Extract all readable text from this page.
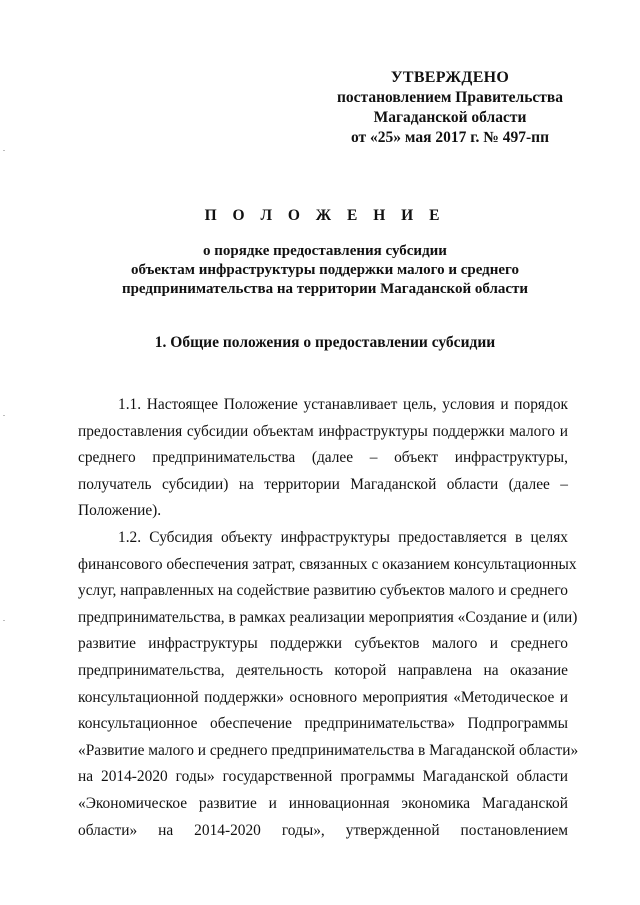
УТВЕРЖДЕНО
постановлением Правительства
Магаданской области
от «25» мая 2017 г. № 497-пп
П О Л О Ж Е Н И Е
о порядке предоставления субсидии
объектам инфраструктуры поддержки малого и среднего
предпринимательства на территории Магаданской области
1. Общие положения о предоставлении субсидии

1.1. Настоящее Положение устанавливает цель, условия и порядок
предоставления субсидии объектам инфраструктуры поддержки малого и
среднего предпринимательства (далее – объект инфраструктуры,
получатель субсидии) на территории Магаданской области (далее –
Положение).

1.2. Субсидия объекту инфраструктуры предоставляется в целях
финансового обеспечения затрат, связанных с оказанием консультационных
услуг, направленных на содействие развитию субъектов малого и среднего
предпринимательства, в рамках реализации мероприятия «Создание и (или)
развитие инфраструктуры поддержки субъектов малого и среднего
предпринимательства, деятельность которой направлена на оказание
консультационной поддержки» основного мероприятия «Методическое и
консультационное обеспечение предпринимательства» Подпрограммы
«Развитие малого и среднего предпринимательства в Магаданской области»
на 2014-2020 годы» государственной программы Магаданской области
«Экономическое развитие и инновационная экономика Магаданской
области» на 2014-2020 годы», утвержденной постановлением
